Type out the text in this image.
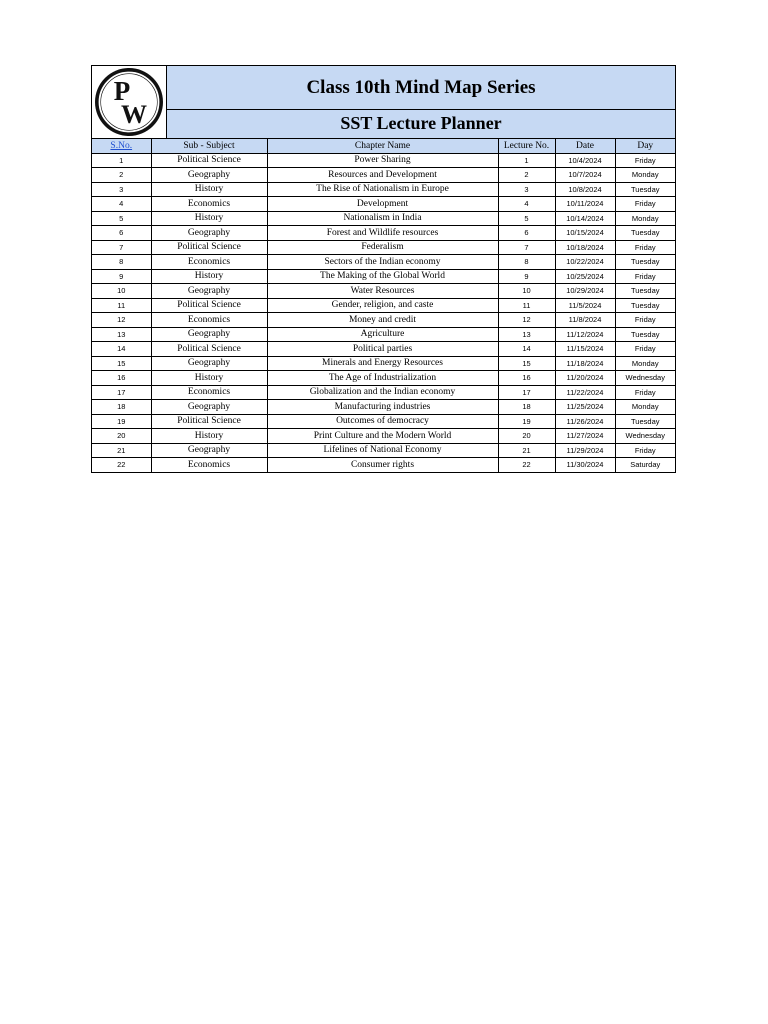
P
W
Class 10th Mind Map Series
SST Lecture Planner
S.No.	Sub - Subject	Chapter Name	Lecture No.	Date	Day
1	Political Science	Power Sharing	1	10/4/2024	Friday
2	Geography	Resources and Development	2	10/7/2024	Monday
3	History	The Rise of Nationalism in Europe	3	10/8/2024	Tuesday
4	Economics	Development	4	10/11/2024	Friday
5	History	Nationalism in India	5	10/14/2024	Monday
6	Geography	Forest and Wildlife resources	6	10/15/2024	Tuesday
7	Political Science	Federalism	7	10/18/2024	Friday
8	Economics	Sectors of the Indian economy	8	10/22/2024	Tuesday
9	History	The Making of the Global World	9	10/25/2024	Friday
10	Geography	Water Resources	10	10/29/2024	Tuesday
11	Political Science	Gender, religion, and caste	11	11/5/2024	Tuesday
12	Economics	Money and credit	12	11/8/2024	Friday
13	Geography	Agriculture	13	11/12/2024	Tuesday
14	Political Science	Political parties	14	11/15/2024	Friday
15	Geography	Minerals and Energy Resources	15	11/18/2024	Monday
16	History	The Age of Industrialization	16	11/20/2024	Wednesday
17	Economics	Globalization and the Indian economy	17	11/22/2024	Friday
18	Geography	Manufacturing industries	18	11/25/2024	Monday
19	Political Science	Outcomes of democracy	19	11/26/2024	Tuesday
20	History	Print Culture and the Modern World	20	11/27/2024	Wednesday
21	Geography	Lifelines of National Economy	21	11/29/2024	Friday
22	Economics	Consumer rights	22	11/30/2024	Saturday
